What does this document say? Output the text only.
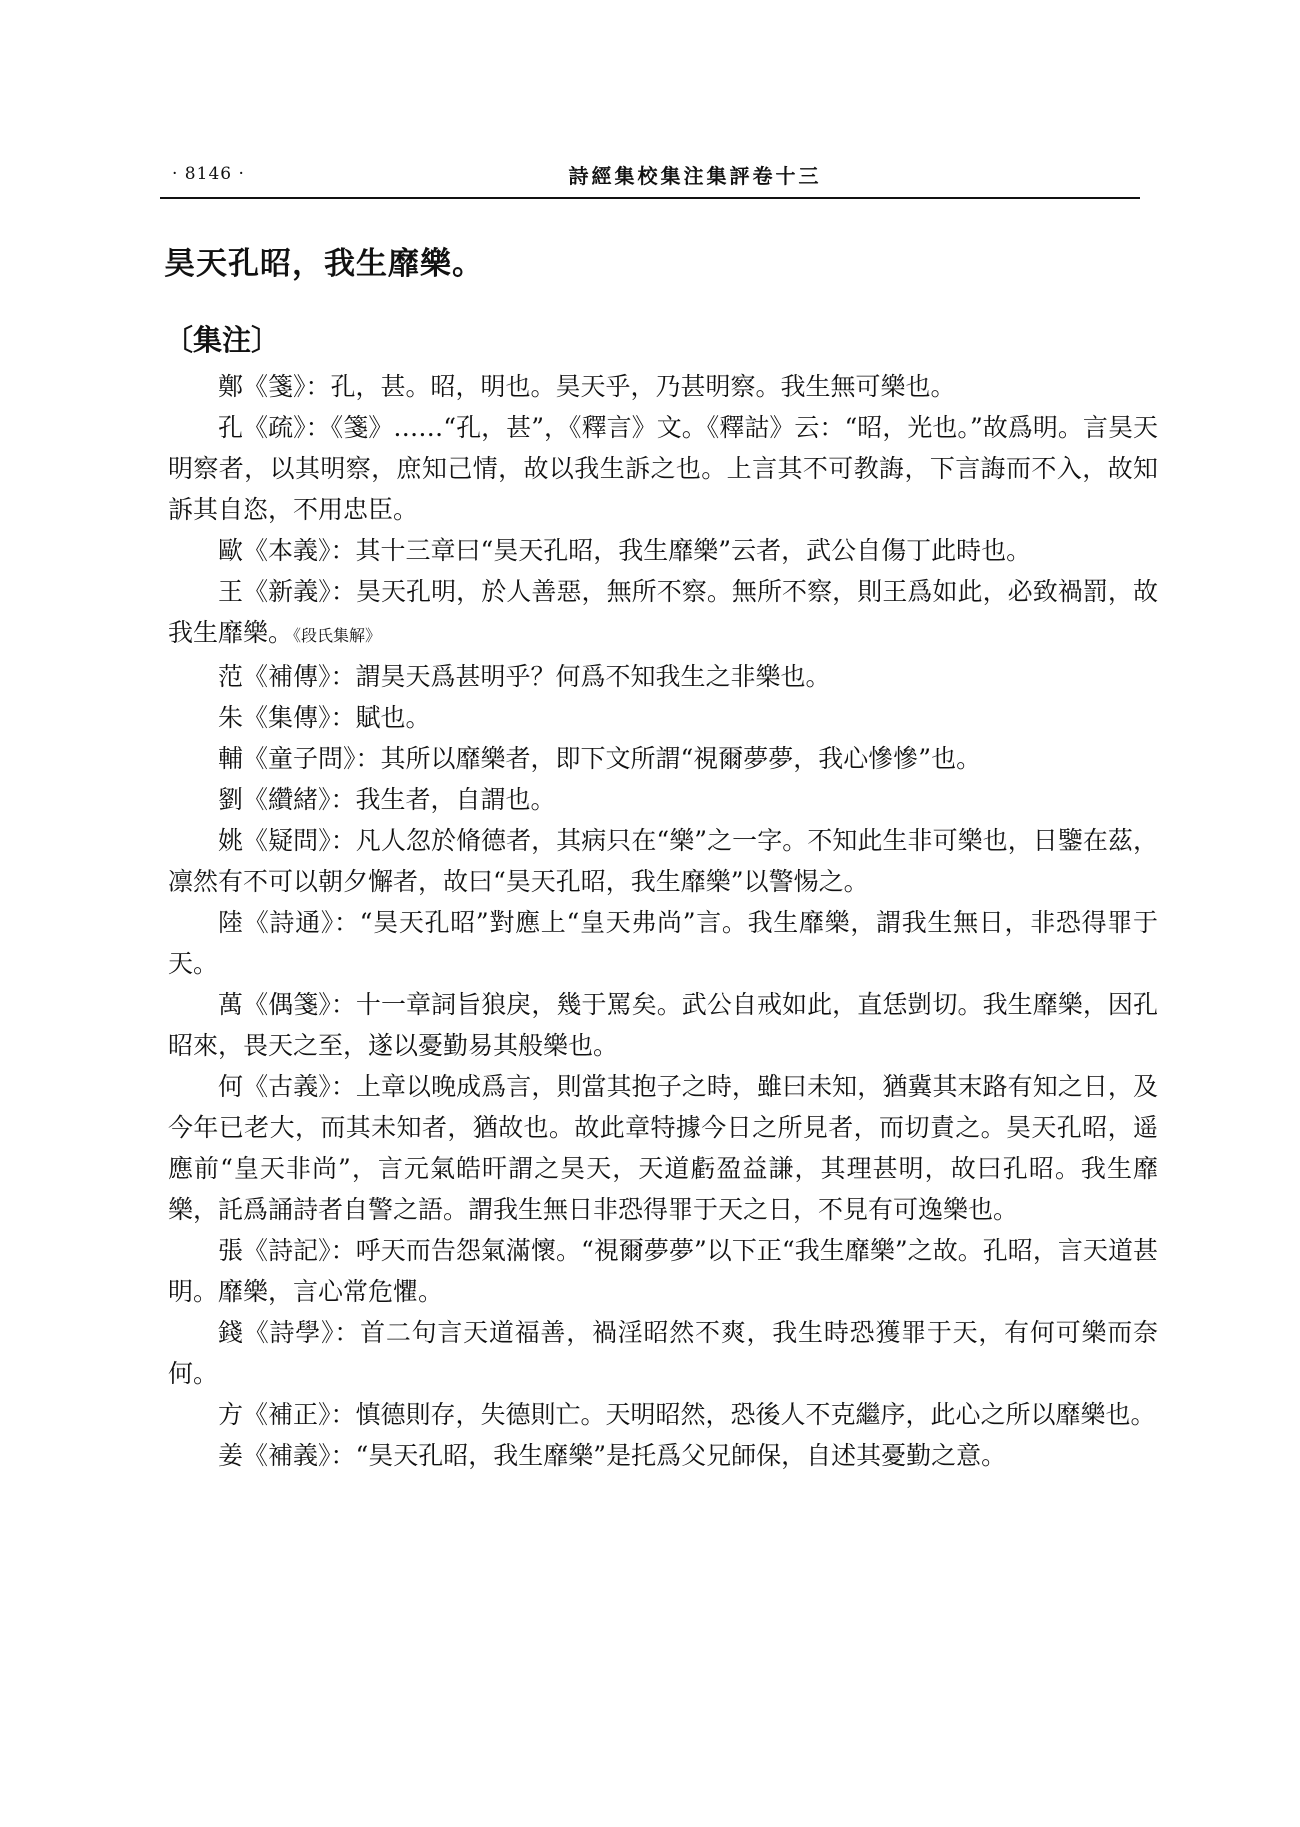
· 8146 ·	詩經集校集注集評卷十三
昊天孔昭，我生靡樂。
〔集注〕

鄭《箋》：孔，甚。昭，明也。昊天乎，乃甚明察。我生無可樂也。

孔《疏》：《箋》……“孔，甚”，《釋言》文。《釋詁》云：“昭，光也。”故爲明。言昊天明察者，以其明察，庶知己情，故以我生訴之也。上言其不可教誨，下言誨而不入，故知訴其自恣，不用忠臣。

歐《本義》：其十三章曰“昊天孔昭，我生靡樂”云者，武公自傷丁此時也。

王《新義》：昊天孔明，於人善惡，無所不察。無所不察，則王爲如此，必致禍罰，故我生靡樂。《段氏集解》

范《補傳》：謂昊天爲甚明乎？何爲不知我生之非樂也。

朱《集傳》：賦也。

輔《童子問》：其所以靡樂者，即下文所謂“視爾夢夢，我心慘慘”也。

劉《纘緒》：我生者，自謂也。

姚《疑問》：凡人忽於脩德者，其病只在“樂”之一字。不知此生非可樂也，日鑒在茲，凛然有不可以朝夕懈者，故曰“昊天孔昭，我生靡樂”以警惕之。

陸《詩通》：“昊天孔昭”對應上“皇天弗尚”言。我生靡樂，謂我生無日，非恐得罪于天。

萬《偶箋》：十一章詞旨狼戾，幾于罵矣。武公自戒如此，直恁剴切。我生靡樂，因孔昭來，畏天之至，遂以憂勤易其般樂也。

何《古義》：上章以晚成爲言，則當其抱子之時，雖曰未知，猶冀其末路有知之日，及今年已老大，而其未知者，猶故也。故此章特據今日之所見者，而切責之。昊天孔昭，遥應前“皇天非尚”，言元氣皓旰謂之昊天，天道虧盈益謙，其理甚明，故曰孔昭。我生靡樂，託爲誦詩者自警之語。謂我生無日非恐得罪于天之日，不見有可逸樂也。

張《詩記》：呼天而告怨氣滿懷。“視爾夢夢”以下正“我生靡樂”之故。孔昭，言天道甚明。靡樂，言心常危懼。

錢《詩學》：首二句言天道福善，禍淫昭然不爽，我生時恐獲罪于天，有何可樂而奈何。

方《補正》：慎德則存，失德則亡。天明昭然，恐後人不克繼序，此心之所以靡樂也。

姜《補義》：“昊天孔昭，我生靡樂”是托爲父兄師保，自述其憂勤之意。
